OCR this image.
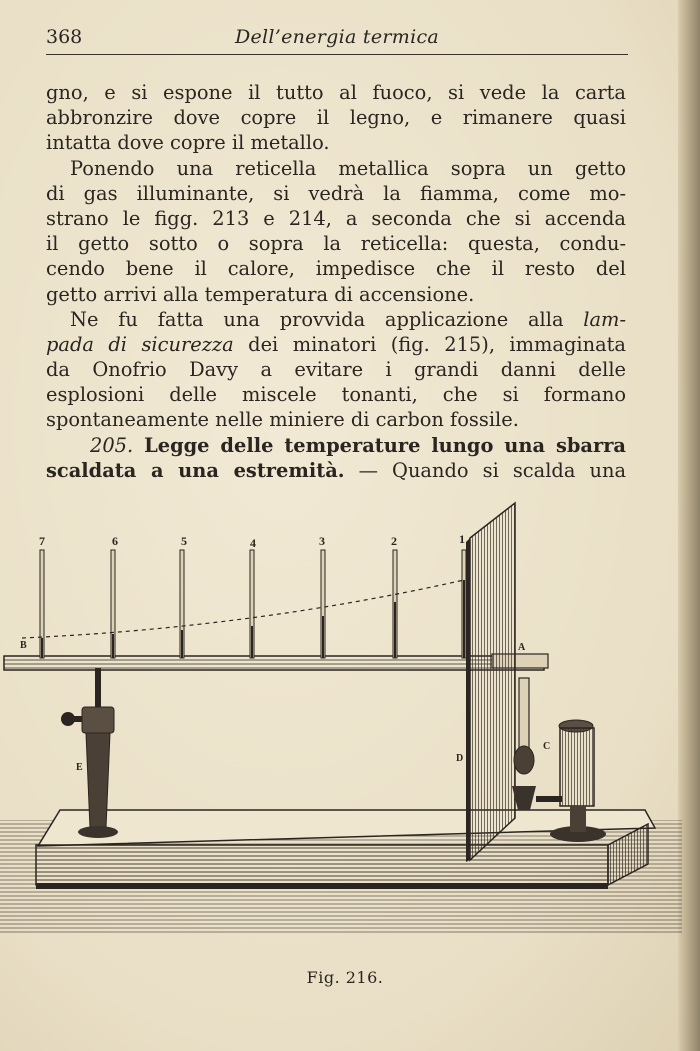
368	Dell’energia termica
gno, e si espone il tutto al fuoco, si vede la carta
abbronzire dove copre il legno, e rimanere quasi
intatta dove copre il metallo.
Ponendo una reticella metallica sopra un getto
di gas illuminante, si vedrà la fiamma, come mo-
strano le figg. 213 e 214, a seconda che si accenda
il getto sotto o sopra la reticella: questa, condu-
cendo bene il calore, impedisce che il resto del
getto arrivi alla temperatura di accensione.
Ne fu fatta una provvida applicazione alla lam-
pada di sicurezza dei minatori (fig. 215), immaginata
da Onofrio Davy a evitare i grandi danni delle
esplosioni delle miscele tonanti, che si formano
spontaneamente nelle miniere di carbon fossile.
205. Legge delle temperature lungo una sbarra
scaldata a una estremità. — Quando si scalda una
7	6	5	4	3	2	1
B	A
C
D
E
Fig. 216.
